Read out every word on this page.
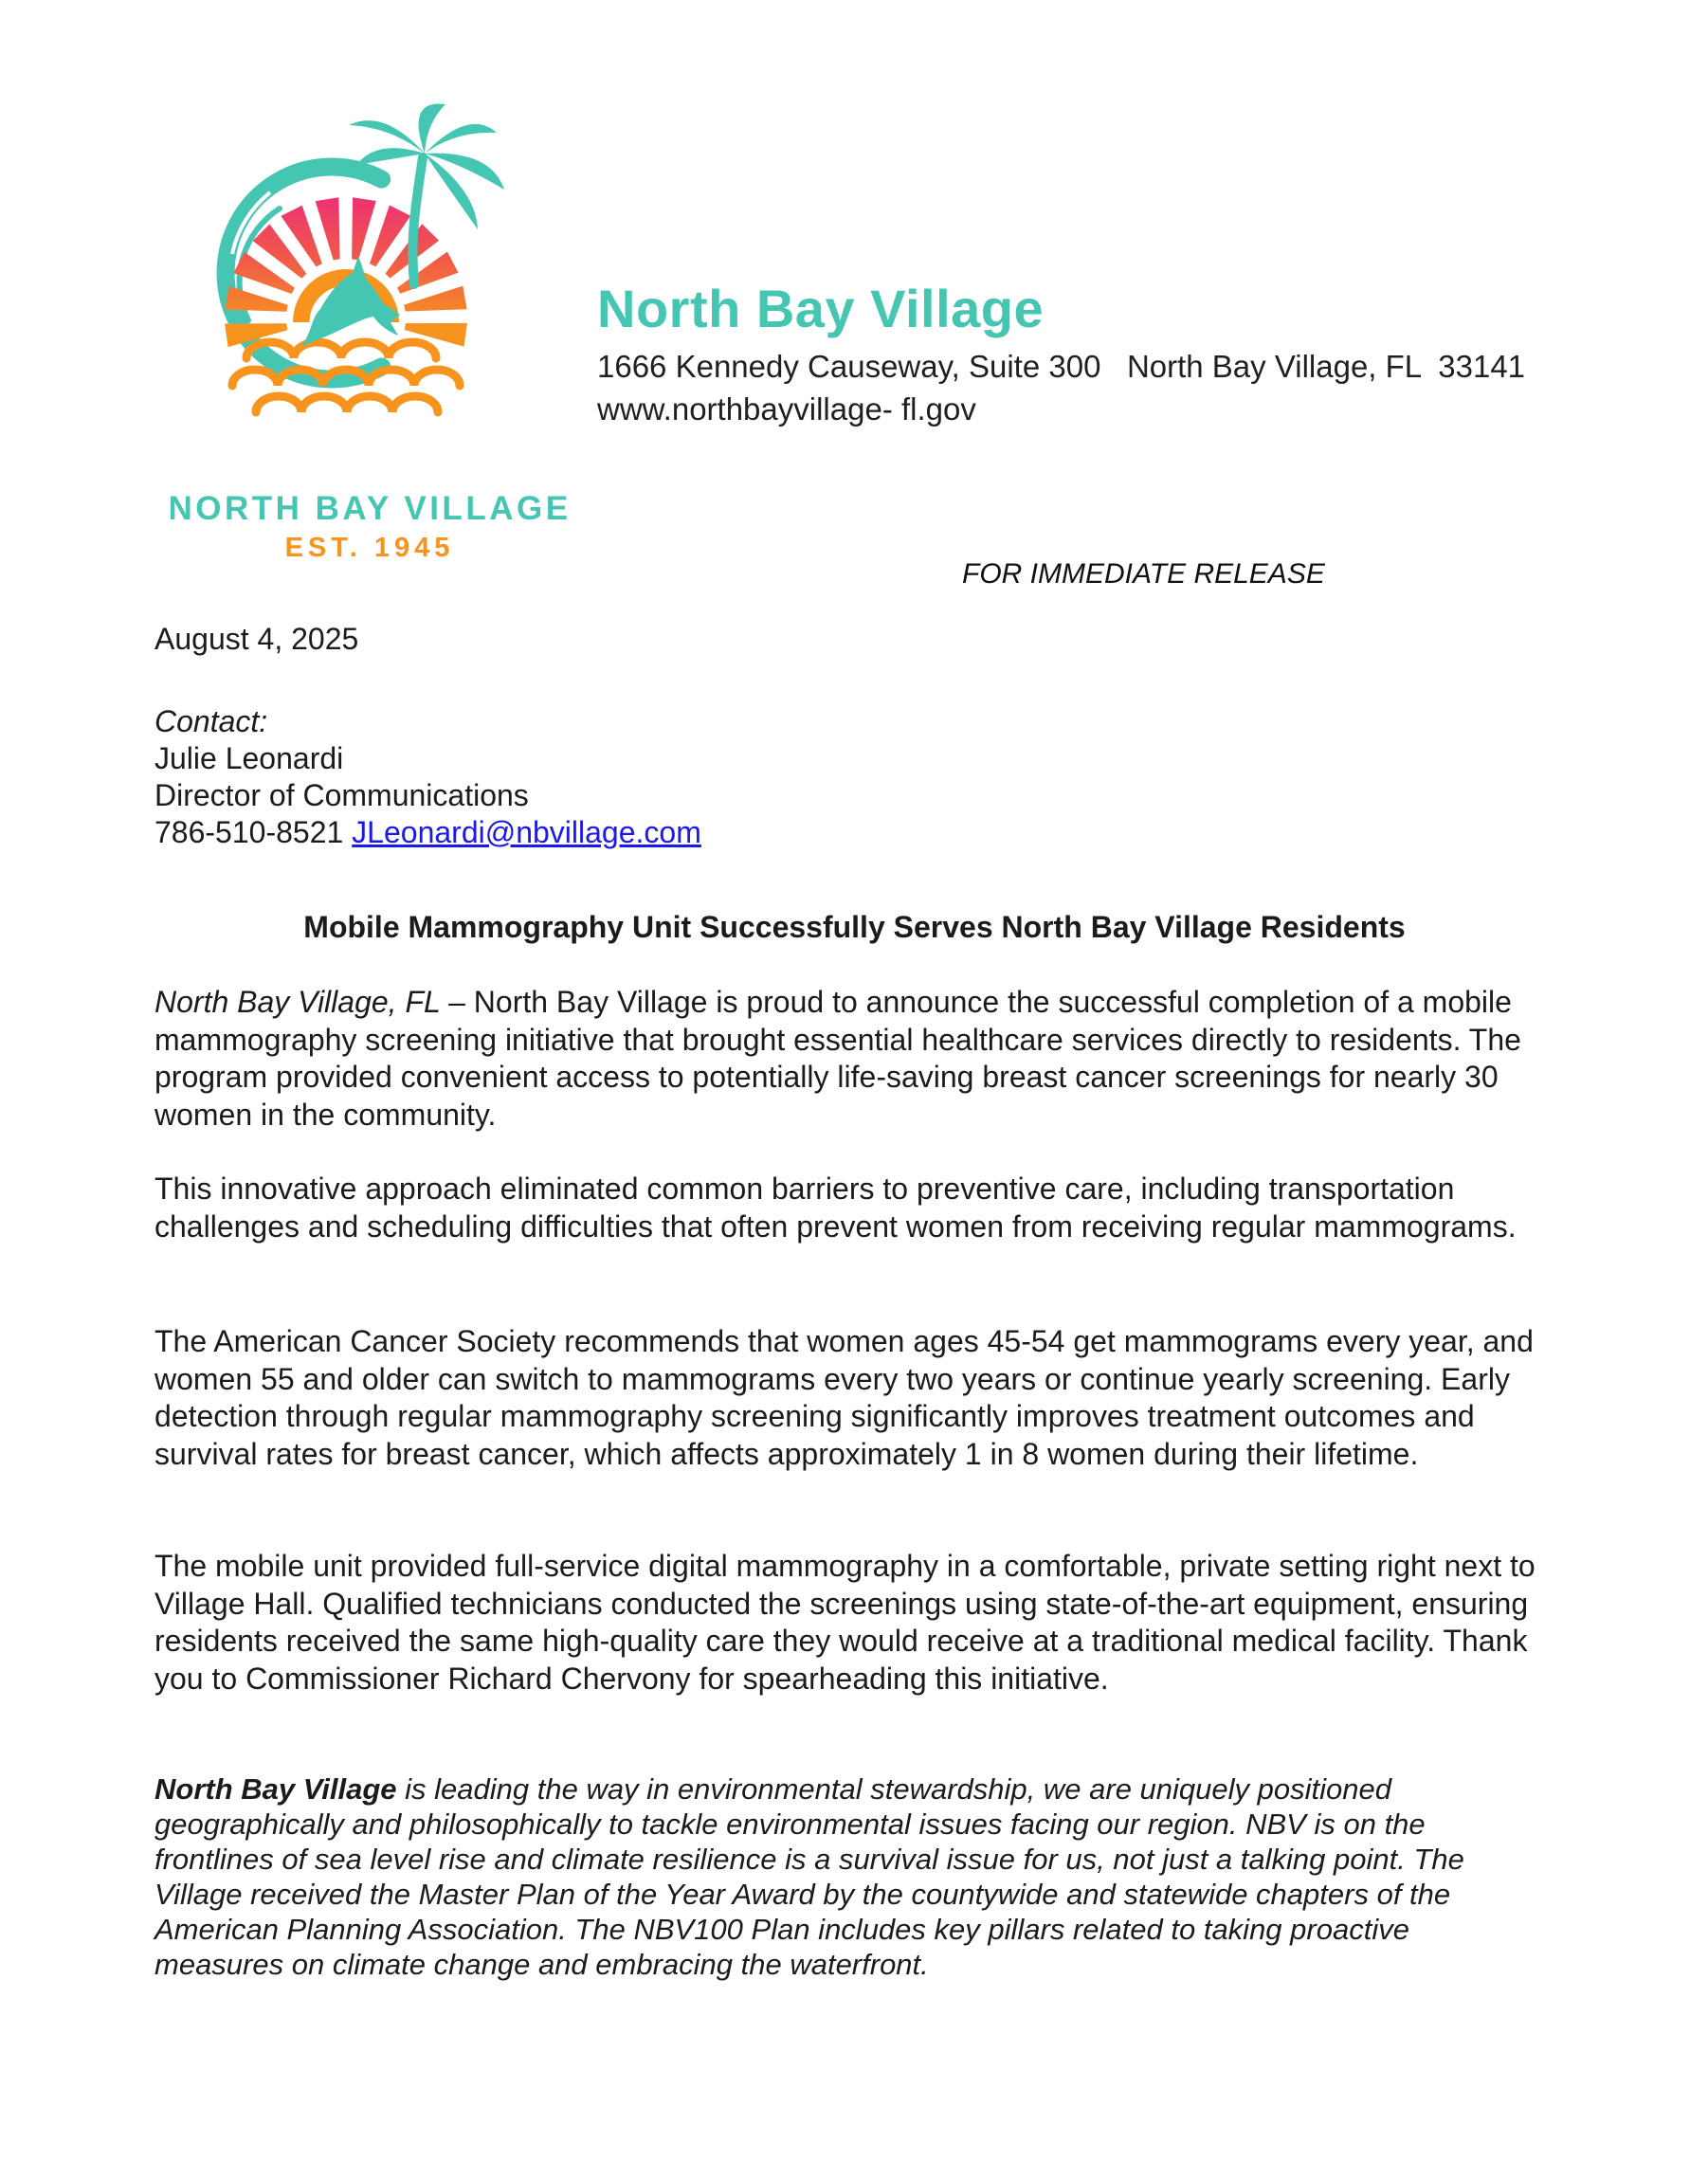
NORTH BAY VILLAGE
EST. 1945
North Bay Village
1666 Kennedy Causeway, Suite 300   North Bay Village, FL  33141
www.northbayvillage- fl.gov
FOR IMMEDIATE RELEASE
August 4, 2025
Contact:
Julie Leonardi
Director of Communications
786-510-8521 JLeonardi@nbvillage.com
Mobile Mammography Unit Successfully Serves North Bay Village Residents

North Bay Village, FL – North Bay Village is proud to announce the successful completion of a mobile mammography screening initiative that brought essential healthcare services directly to residents. The program provided convenient access to potentially life-saving breast cancer screenings for nearly 30 women in the community.

This innovative approach eliminated common barriers to preventive care, including transportation challenges and scheduling difficulties that often prevent women from receiving regular mammograms.

The American Cancer Society recommends that women ages 45-54 get mammograms every year, and women 55 and older can switch to mammograms every two years or continue yearly screening. Early detection through regular mammography screening significantly improves treatment outcomes and survival rates for breast cancer, which affects approximately 1 in 8 women during their lifetime.

The mobile unit provided full-service digital mammography in a comfortable, private setting right next to Village Hall. Qualified technicians conducted the screenings using state-of-the-art equipment, ensuring residents received the same high-quality care they would receive at a traditional medical facility. Thank you to Commissioner Richard Chervony for spearheading this initiative.

North Bay Village is leading the way in environmental stewardship, we are uniquely positioned geographically and philosophically to tackle environmental issues facing our region. NBV is on the frontlines of sea level rise and climate resilience is a survival issue for us, not just a talking point. The Village received the Master Plan of the Year Award by the countywide and statewide chapters of the American Planning Association. The NBV100 Plan includes key pillars related to taking proactive measures on climate change and embracing the waterfront.
